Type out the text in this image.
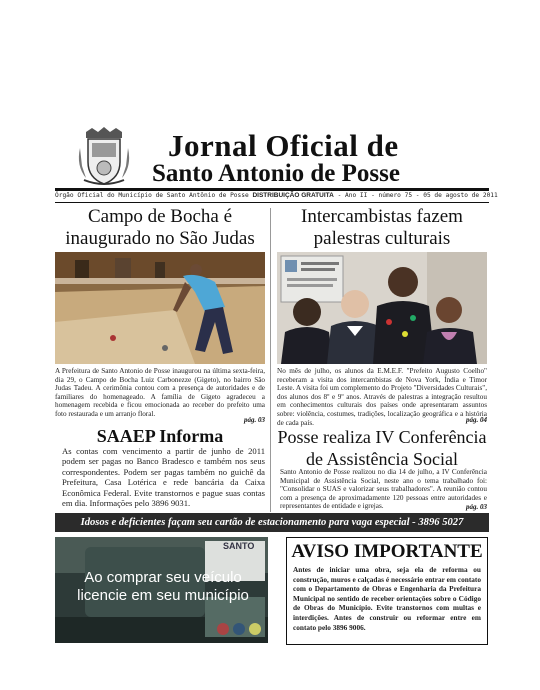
Jornal Oficial de
Santo Antonio de Posse
Órgão Oficial do Município de Santo Antônio de Posse DISTRIBUIÇÃO GRATUITA - Ano II - número 75 - 05 de agosto de 2011
Campo de Bocha é
inaugurado no São Judas
A Prefeitura de Santo Antonio de Posse inaugurou na última sexta-feira, dia 29, o Campo de Bocha Luiz Carbonezze (Gigeto), no bairro São Judas Tadeu. A cerimônia contou com a presença de autoridades e de familiares do homenageado. A família de Gigeto agradeceu a homenagem recebida e ficou emocionada ao receber do prefeito uma foto restaurada e um arranjo floral.
pág. 03
Intercambistas fazem
palestras culturais
No mês de julho, os alunos da E.M.E.F. "Prefeito Augusto Coelho" receberam a visita dos intercambistas de Nova York, Índia e Timor Leste. A visita foi um complemento do Projeto "Diversidades Culturais", dos alunos dos 8º e 9º anos. Através de palestras a integração resultou em conhecimentos culturais dos países onde apresentaram assuntos sobre: violência, costumes, tradições, localização geográfica e a história de cada país.	pág. 04
SAAEP Informa
As contas com vencimento a partir de junho de 2011 podem ser pagas no Banco Bradesco e também nos seus correspondentes. Podem ser pagas também no guichê da Prefeitura, Casa Lotérica e rede bancária da Caixa Econômica Federal. Evite transtornos e pague suas contas em dia. Informações pelo 3896 9031.
Posse realiza IV Conferência
de Assistência Social
Santo Antonio de Posse realizou no dia 14 de julho, a IV Conferência Municipal de Assistência Social, neste ano o tema trabalhado foi: "Consolidar o SUAS e valorizar seus trabalhadores". A reunião contou com a presença de aproximadamente 120 pessoas entre autoridades e representantes de entidade e igrejas.	pág. 03
Idosos e deficientes façam seu cartão de estacionamento para vaga especial - 3896 5027
SANTO
Ao comprar seu veículo
licencie em seu município
AVISO IMPORTANTE
Antes de iniciar uma obra, seja ela de reforma ou construção, muros e calçadas é necessário entrar em contato com o Departamento de Obras e Engenharia da Prefeitura Municipal no sentido de receber orientações sobre o Código de Obras do Município. Evite transtornos com multas e interdições. Antes de construir ou reformar entre em contato pelo 3896 9006.
